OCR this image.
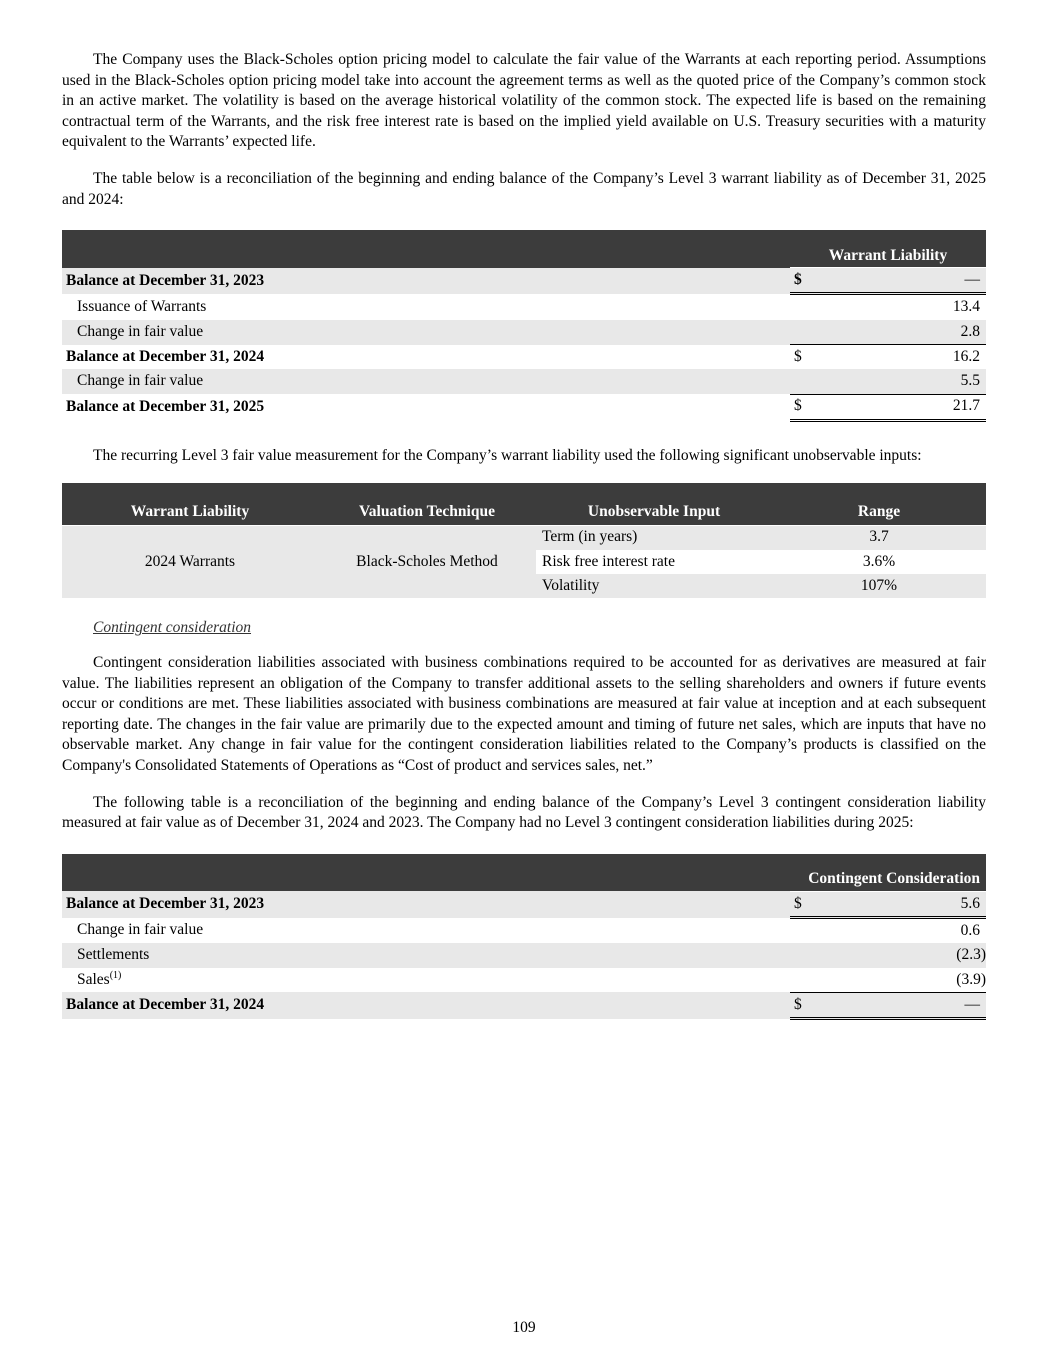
The Company uses the Black-Scholes option pricing model to calculate the fair value of the Warrants at each reporting period. Assumptions used in the Black-Scholes option pricing model take into account the agreement terms as well as the quoted price of the Company’s common stock in an active market. The volatility is based on the average historical volatility of the common stock. The expected life is based on the remaining contractual term of the Warrants, and the risk free interest rate is based on the implied yield available on U.S. Treasury securities with a maturity equivalent to the Warrants’ expected life.

The table below is a reconciliation of the beginning and ending balance of the Company’s Level 3 warrant liability as of December 31, 2025 and 2024:

	Warrant Liability
Balance at December 31, 2023	$ —
Issuance of Warrants	13.4
Change in fair value	2.8
Balance at December 31, 2024	$ 16.2
Change in fair value	5.5
Balance at December 31, 2025	$ 21.7

The recurring Level 3 fair value measurement for the Company’s warrant liability used the following significant unobservable inputs:

Warrant Liability	Valuation Technique	Unobservable Input	Range
2024 Warrants	Black-Scholes Method	Term (in years)	3.7
		Risk free interest rate	3.6%
		Volatility	107%

Contingent consideration

Contingent consideration liabilities associated with business combinations required to be accounted for as derivatives are measured at fair value. The liabilities represent an obligation of the Company to transfer additional assets to the selling shareholders and owners if future events occur or conditions are met. These liabilities associated with business combinations are measured at fair value at inception and at each subsequent reporting date. The changes in the fair value are primarily due to the expected amount and timing of future net sales, which are inputs that have no observable market. Any change in fair value for the contingent consideration liabilities related to the Company’s products is classified on the Company's Consolidated Statements of Operations as “Cost of product and services sales, net.”

The following table is a reconciliation of the beginning and ending balance of the Company’s Level 3 contingent consideration liability measured at fair value as of December 31, 2024 and 2023. The Company had no Level 3 contingent consideration liabilities during 2025:

	Contingent Consideration
Balance at December 31, 2023	$ 5.6
Change in fair value	0.6
Settlements	(2.3)
Sales$^{(1)}$	(3.9)
Balance at December 31, 2024	$ —
109
